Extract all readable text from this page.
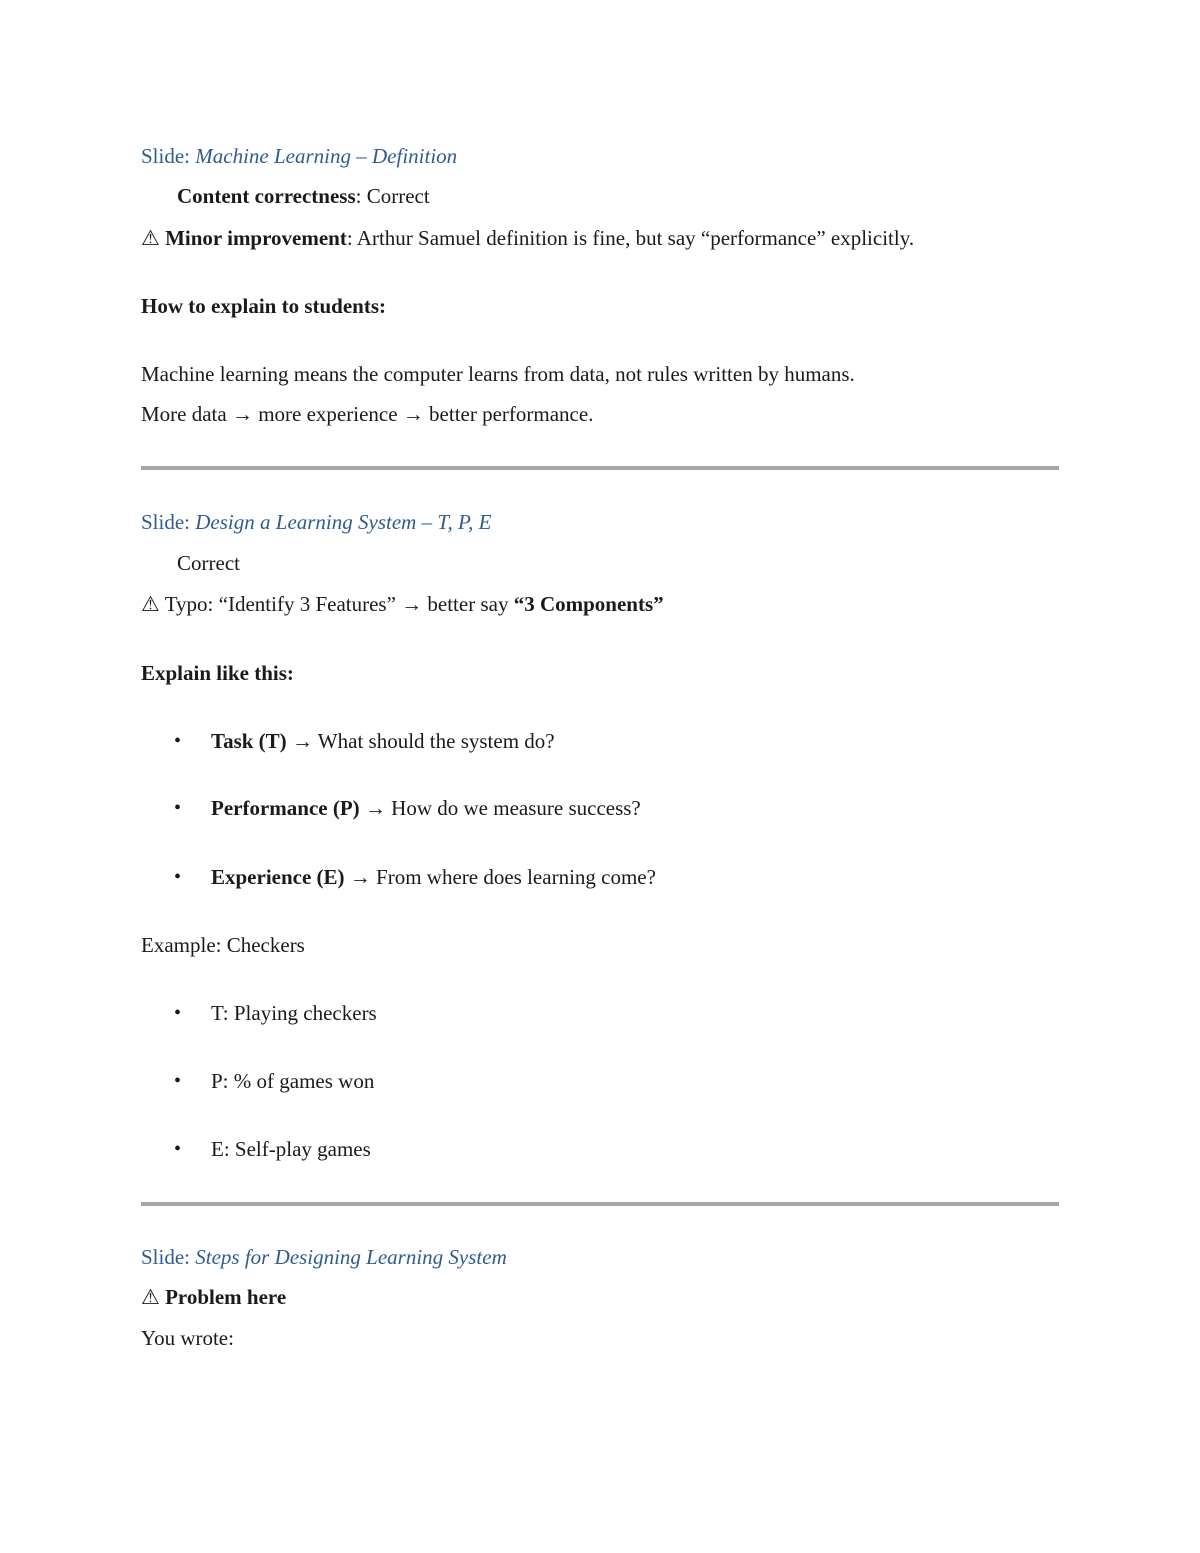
Slide: Machine Learning – Definition
Content correctness: Correct
⚠ Minor improvement: Arthur Samuel definition is fine, but say “performance” explicitly.
How to explain to students:
Machine learning means the computer learns from data, not rules written by humans.
More data → more experience → better performance.
Slide: Design a Learning System – T, P, E
Correct
⚠ Typo: “Identify 3 Features” → better say “3 Components”
Explain like this:
• Task (T) → What should the system do?
• Performance (P) → How do we measure success?
• Experience (E) → From where does learning come?
Example: Checkers
• T: Playing checkers
• P: % of games won
• E: Self-play games
Slide: Steps for Designing Learning System
⚠ Problem here
You wrote:
